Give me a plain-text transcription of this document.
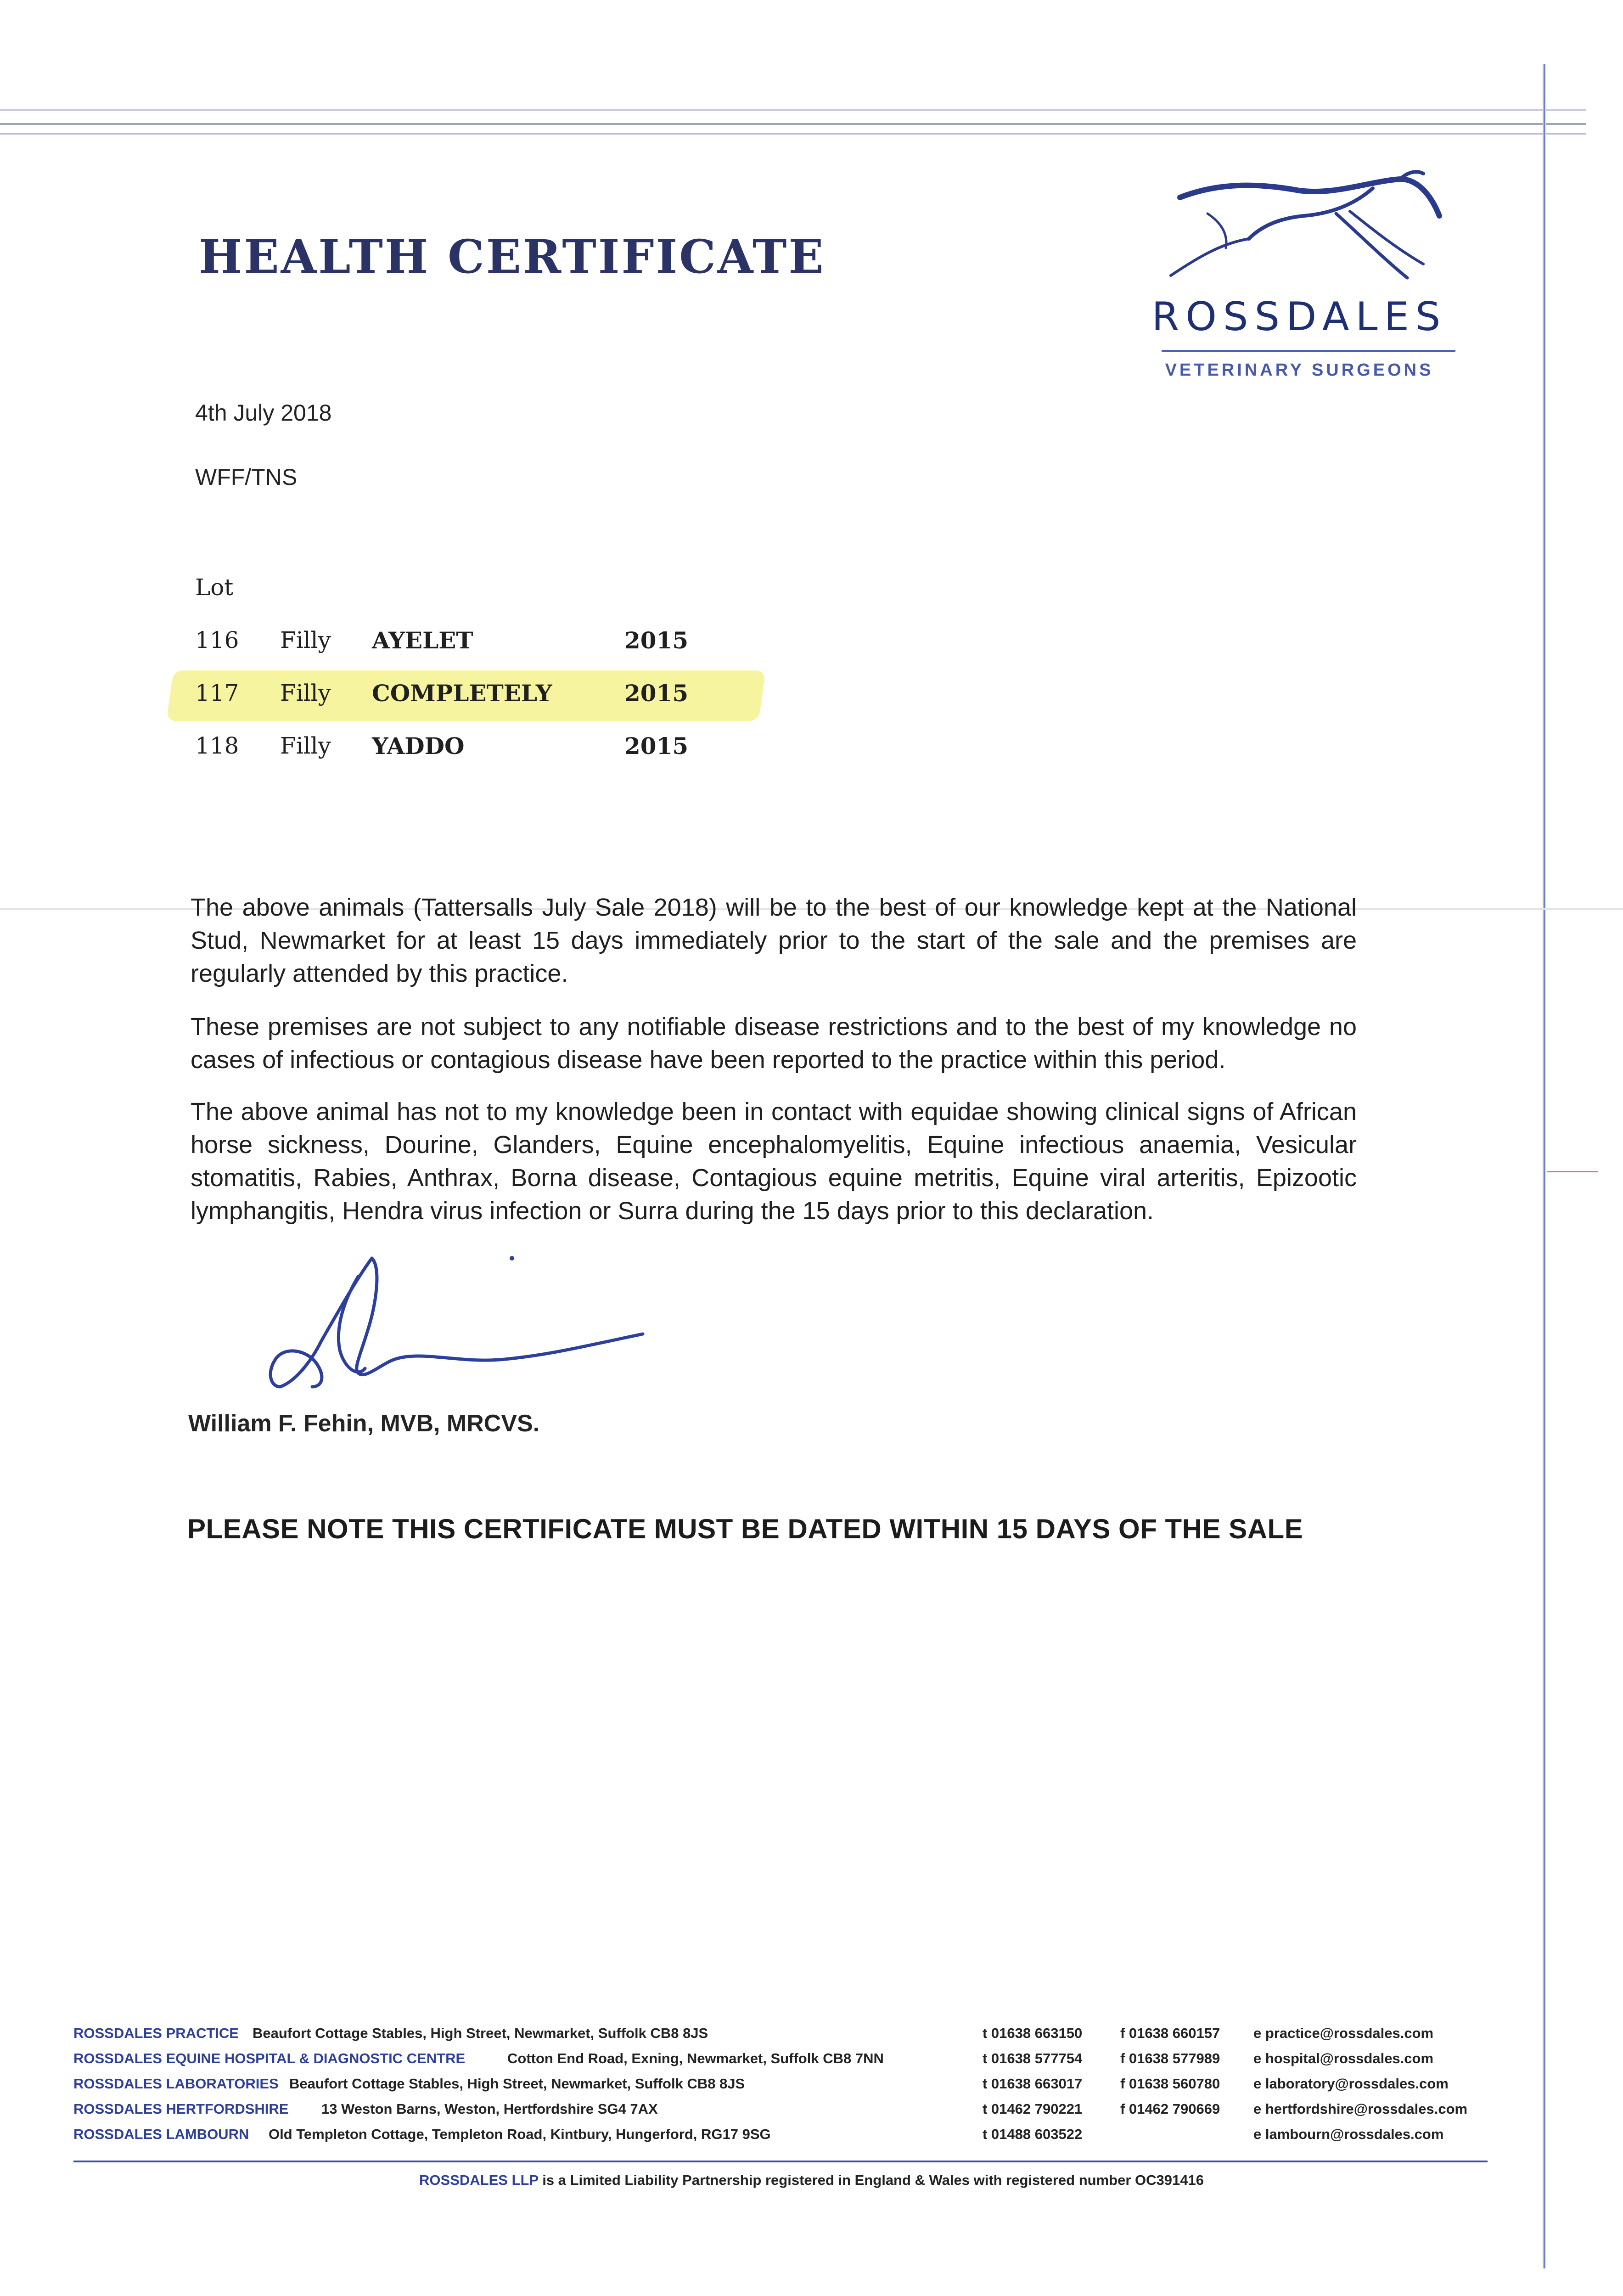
HEALTH CERTIFICATE
ROSSDALES
VETERINARY SURGEONS
4th July 2018
WFF/TNS
Lot
116 Filly AYELET	2015
117 Filly COMPLETELY	2015
118 Filly YADDO	2015
The above animals (Tattersalls July Sale 2018) will be to the best of our knowledge kept at the National Stud, Newmarket for at least 15 days immediately prior to the start of the sale and the premises are regularly attended by this practice.
These premises are not subject to any notifiable disease restrictions and to the best of my knowledge no cases of infectious or contagious disease have been reported to the practice within this period.
The above animal has not to my knowledge been in contact with equidae showing clinical signs of African horse sickness, Dourine, Glanders, Equine encephalomyelitis, Equine infectious anaemia, Vesicular stomatitis, Rabies, Anthrax, Borna disease, Contagious equine metritis, Equine viral arteritis, Epizootic lymphangitis, Hendra virus infection or Surra during the 15 days prior to this declaration.
William F. Fehin, MVB, MRCVS.
PLEASE NOTE THIS CERTIFICATE MUST BE DATED WITHIN 15 DAYS OF THE SALE
ROSSDALES PRACTICE Beaufort Cottage Stables, High Street, Newmarket, Suffolk CB8 8JS	t 01638 663150	f 01638 660157 e practice@rossdales.com
ROSSDALES EQUINE HOSPITAL & DIAGNOSTIC CENTRE	Cotton End Road, Exning, Newmarket, Suffolk CB8 7NN	t 01638 577754	f 01638 577989 e hospital@rossdales.com
ROSSDALES LABORATORIES Beaufort Cottage Stables, High Street, Newmarket, Suffolk CB8 8JS	t 01638 663017	f 01638 560780 e laboratory@rossdales.com
ROSSDALES HERTFORDSHIRE 13 Weston Barns, Weston, Hertfordshire SG4 7AX	t 01462 790221	f 01462 790669 e hertfordshire@rossdales.com
ROSSDALES LAMBOURN Old Templeton Cottage, Templeton Road, Kintbury, Hungerford, RG17 9SG	t 01488 603522	e lambourn@rossdales.com
ROSSDALES LLP is a Limited Liability Partnership registered in England & Wales with registered number OC391416
